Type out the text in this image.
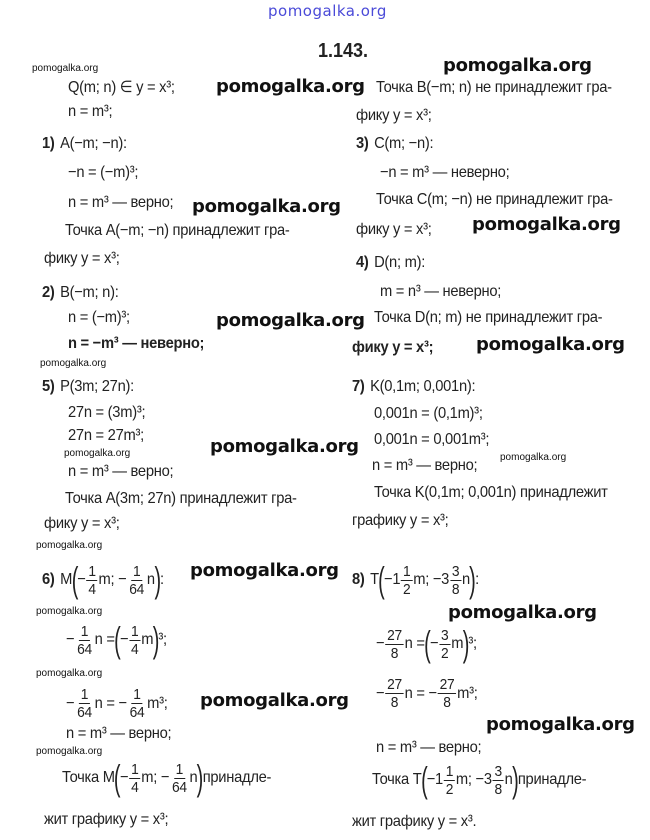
pomogalka.org
1.143.
Q(m; n) ∈ y = x³;
n = m³;
1) A(−m; −n):
−n = (−m)³;
n = m³ — верно;
Точка A(−m; −n) принадлежит гра-
фику y = x³;
2) B(−m; n):
n = (−m)³;
n = −m³ — неверно;
5) P(3m; 27n):
27n = (3m)³;
27n = 27m³;
n = m³ — верно;
Точка A(3m; 27n) принадлежит гра-
фику y = x³;
6) M ( − $\frac{1}{4} m$; − $\frac{1}{64}$ n ) :
− $\frac{1}{64}$ n = ( − $\frac{1}{4}$ m ) ³;
− $\frac{1}{64}$ n = − $\frac{1}{64} m^3$;
n = m³ — верно;
Точка M ( − $\frac{1}{4} m$; − $\frac{1}{64}$ n ) принадле-
жит графику y = x³;
Точка B(−m; n) не принадлежит гра-
фику y = x³;
3) C(m; −n):
−n = m³ — неверно;
Точка C(m; −n) не принадлежит гра-
фику y = x³;
4) D(n; m):
m = n³ — неверно;
Точка D(n; m) не принадлежит гра-
фику y = x³;
7) K(0,1m; 0,001n):
0,001n = (0,1m)³;
0,001n = 0,001m³;
n = m³ — верно;
Точка K(0,1m; 0,001n) принадлежит
графику y = x³;
8) T ( $-1 \frac{1}{2} m$; $-3 \frac{3}{8}$ n ) :
− $\frac{27}{8}$ n = ( − $\frac{3}{2}$ m ) ³;
− $\frac{27}{8}$ n = − $\frac{27}{8} m^3$;
n = m³ — верно;
Точка T ( $-1 \frac{1}{2} m$; $-3 \frac{3}{8}$ n ) принадле-
жит графику y = x³.
pomogalka.org
pomogalka.org
pomogalka.org
pomogalka.org
pomogalka.org
pomogalka.org
pomogalka.org
pomogalka.org
pomogalka.org
pomogalka.org	pomogalka.org
pomogalka.org
pomogalka.org
pomogalka.org
pomogalka.org
pomogalka.org
pomogalka.org
pomogalka.org
pomogalka.org
